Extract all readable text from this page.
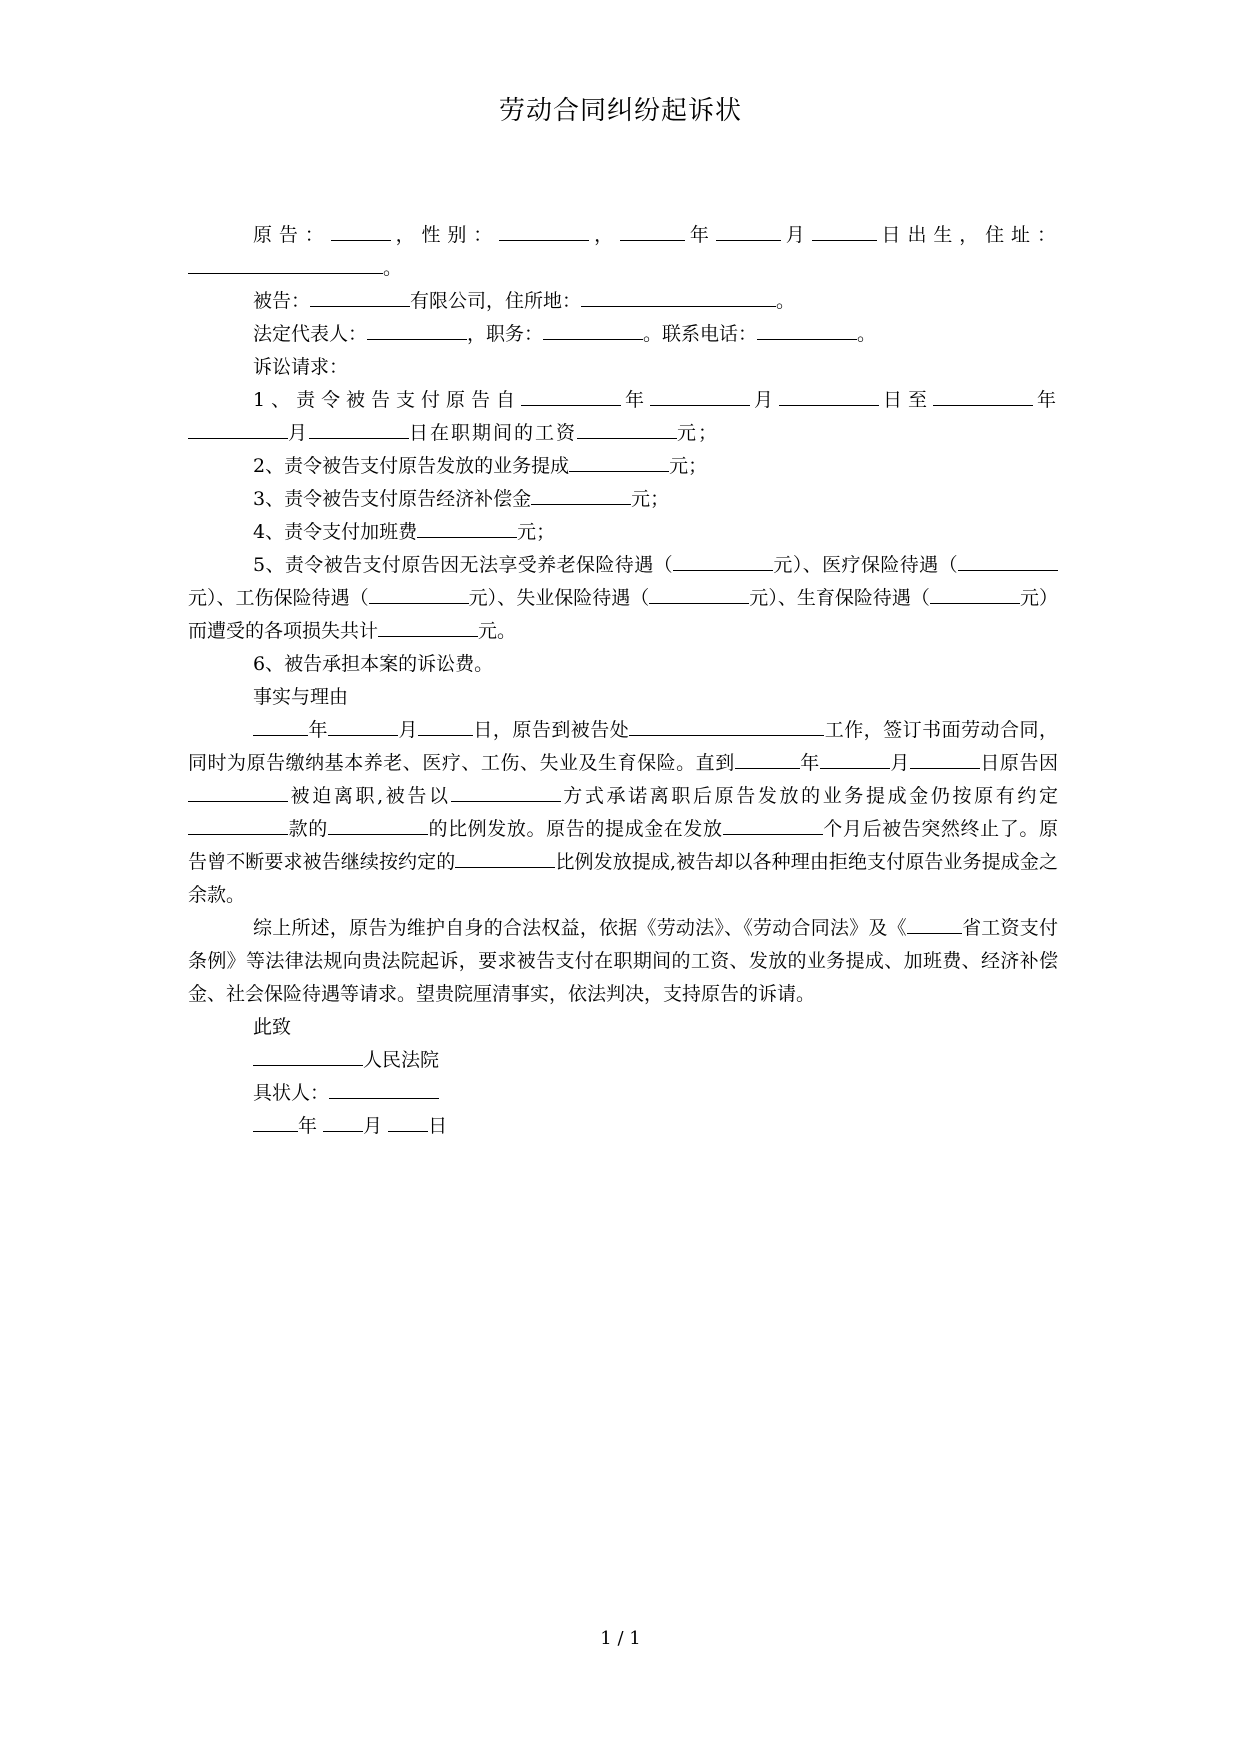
劳动合同纠纷起诉状

原告：	，性别：	，	年	月	日出生，住址：

。

被告：	有限公司，住所地：	。

法定代表人：	，职务：	。联系电话：	。

诉讼请求：

1、责令被告支付原告自	年	月	日至	年月	日在职期间的工资	元；

2、责令被告支付原告发放的业务提成	元；

3、责令被告支付原告经济补偿金	元；

4、责令支付加班费	元；

5、责令被告支付原告因无法享受养老保险待遇（	元）、医疗保险待遇（元）、工伤保险待遇（	元）、失业保险待遇（	元）、生育保险待遇（	元）而遭受的各项损失共计	元。

6、被告承担本案的诉讼费。

事实与理由

年	月	日，原告到被告处	工作，签订书面劳动合同，同时为原告缴纳基本养老、医疗、工伤、失业及生育保险。直到	年	月	日原告因被迫离职,被告以	方式承诺离职后原告发放的业务提成金仍按原有约定款的	的比例发放。原告的提成金在发放	个月后被告突然终止了。原告曾不断要求被告继续按约定的	比例发放提成,被告却以各种理由拒绝支付原告业务提成金之余款。

综上所述，原告为维护自身的合法权益，依据《劳动法》、《劳动合同法》及《	省工资支付条例》等法律法规向贵法院起诉，要求被告支付在职期间的工资、发放的业务提成、加班费、经济补偿金、社会保险待遇等请求。望贵院厘清事实，依法判决，支持原告的诉请。

此致

人民法院

具状人：

年 月 日

1 / 1
